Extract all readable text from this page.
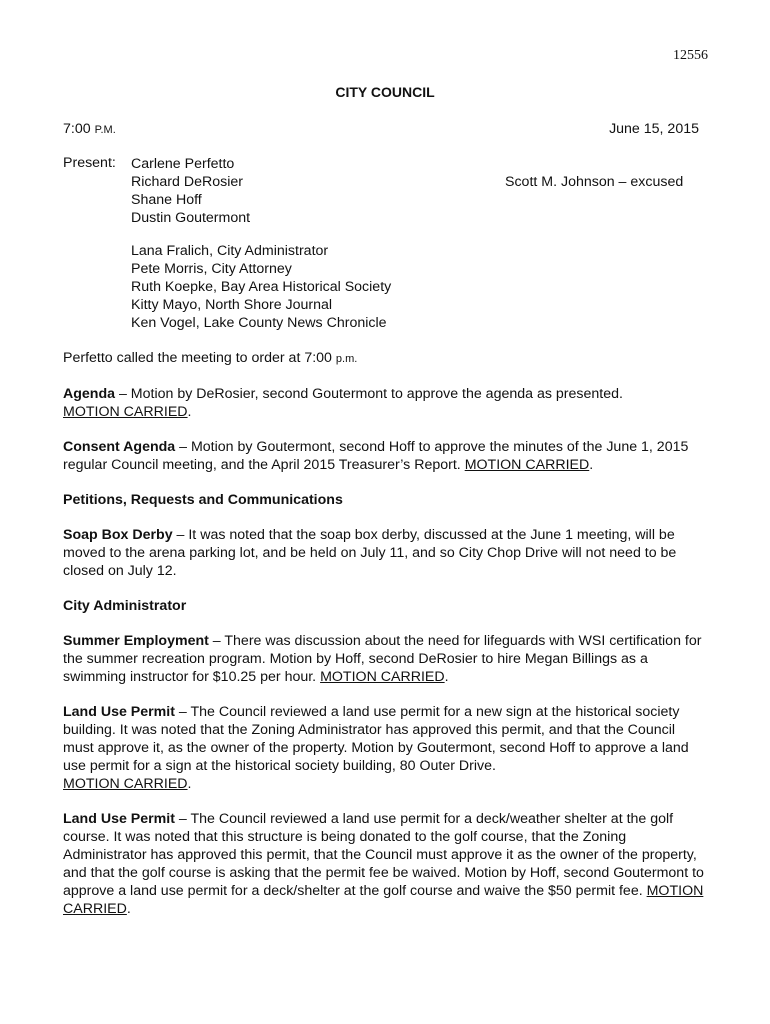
12556
CITY COUNCIL
7:00 P.M.	June 15, 2015
Present: Carlene Perfetto
Richard DeRosier
Shane Hoff
Dustin Goutermont
Scott M. Johnson – excused
Lana Fralich, City Administrator
Pete Morris, City Attorney
Ruth Koepke, Bay Area Historical Society
Kitty Mayo, North Shore Journal
Ken Vogel, Lake County News Chronicle

Perfetto called the meeting to order at 7:00 p.m.

Agenda – Motion by DeRosier, second Goutermont to approve the agenda as presented.
MOTION CARRIED.

Consent Agenda – Motion by Goutermont, second Hoff to approve the minutes of the June 1, 2015 regular Council meeting, and the April 2015 Treasurer’s Report. MOTION CARRIED.

Petitions, Requests and Communications

Soap Box Derby – It was noted that the soap box derby, discussed at the June 1 meeting, will be moved to the arena parking lot, and be held on July 11, and so City Chop Drive will not need to be closed on July 12.

City Administrator

Summer Employment – There was discussion about the need for lifeguards with WSI certification for the summer recreation program. Motion by Hoff, second DeRosier to hire Megan Billings as a swimming instructor for $10.25 per hour. MOTION CARRIED.

Land Use Permit – The Council reviewed a land use permit for a new sign at the historical society building. It was noted that the Zoning Administrator has approved this permit, and that the Council must approve it, as the owner of the property. Motion by Goutermont, second Hoff to approve a land use permit for a sign at the historical society building, 80 Outer Drive.
MOTION CARRIED.

Land Use Permit – The Council reviewed a land use permit for a deck/weather shelter at the golf course. It was noted that this structure is being donated to the golf course, that the Zoning Administrator has approved this permit, that the Council must approve it as the owner of the property, and that the golf course is asking that the permit fee be waived. Motion by Hoff, second Goutermont to approve a land use permit for a deck/shelter at the golf course and waive the $50 permit fee. MOTION CARRIED.
